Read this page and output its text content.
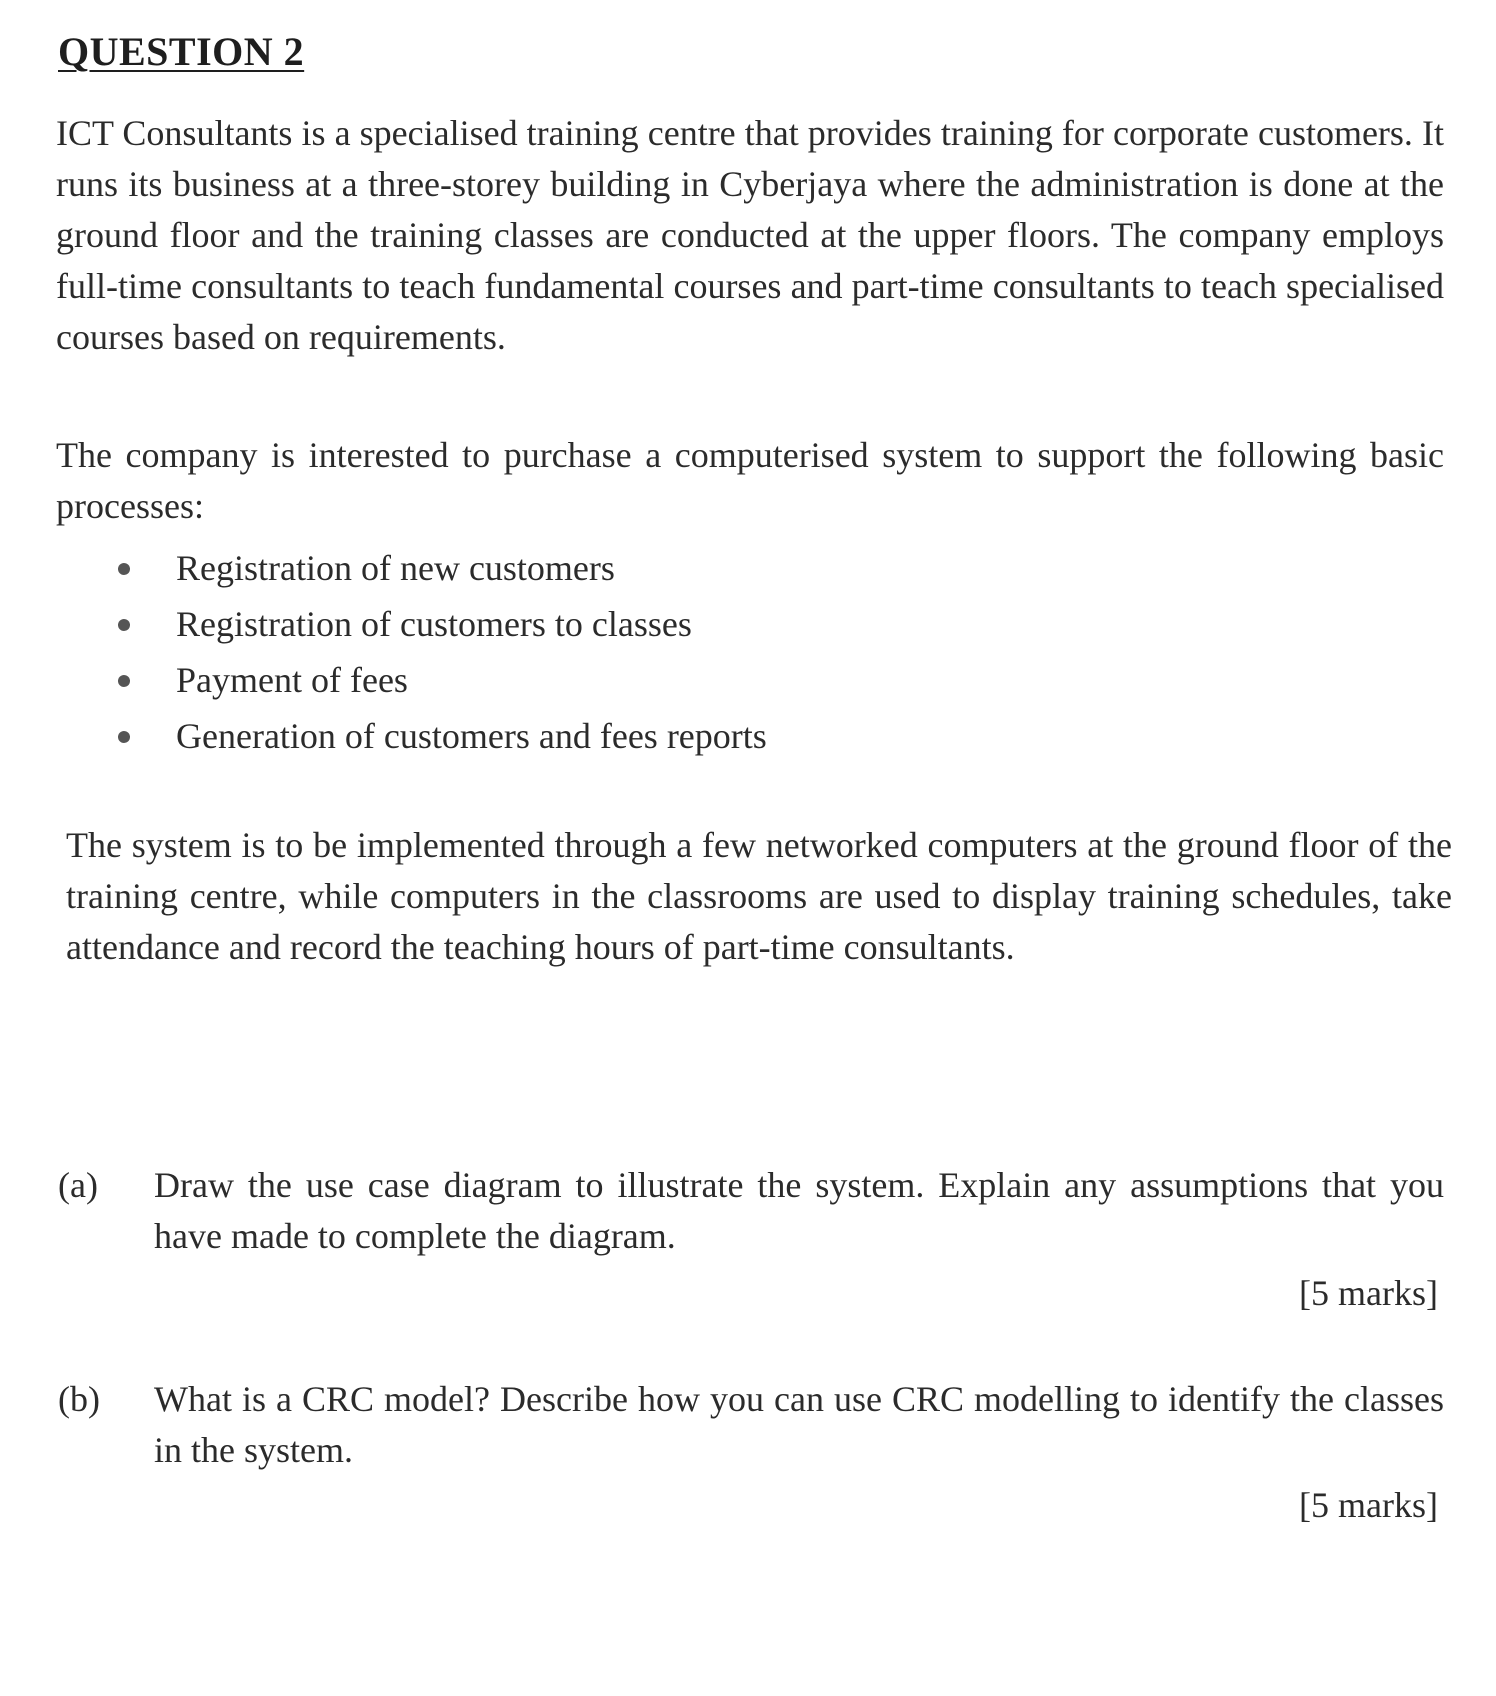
QUESTION 2

ICT Consultants is a specialised training centre that provides training for corporate customers. It runs its business at a three-storey building in Cyberjaya where the administration is done at the ground floor and the training classes are conducted at the upper floors. The company employs full-time consultants to teach fundamental courses and part-time consultants to teach specialised courses based on requirements.

The company is interested to purchase a computerised system to support the following basic processes:

Registration of new customers
Registration of customers to classes
Payment of fees
Generation of customers and fees reports

The system is to be implemented through a few networked computers at the ground floor of the training centre, while computers in the classrooms are used to display training schedules, take attendance and record the teaching hours of part-time consultants.

(a) Draw the use case diagram to illustrate the system. Explain any assumptions that you have made to complete the diagram.
[5 marks]
(b) What is a CRC model? Describe how you can use CRC modelling to identify the classes in the system.
[5 marks]
